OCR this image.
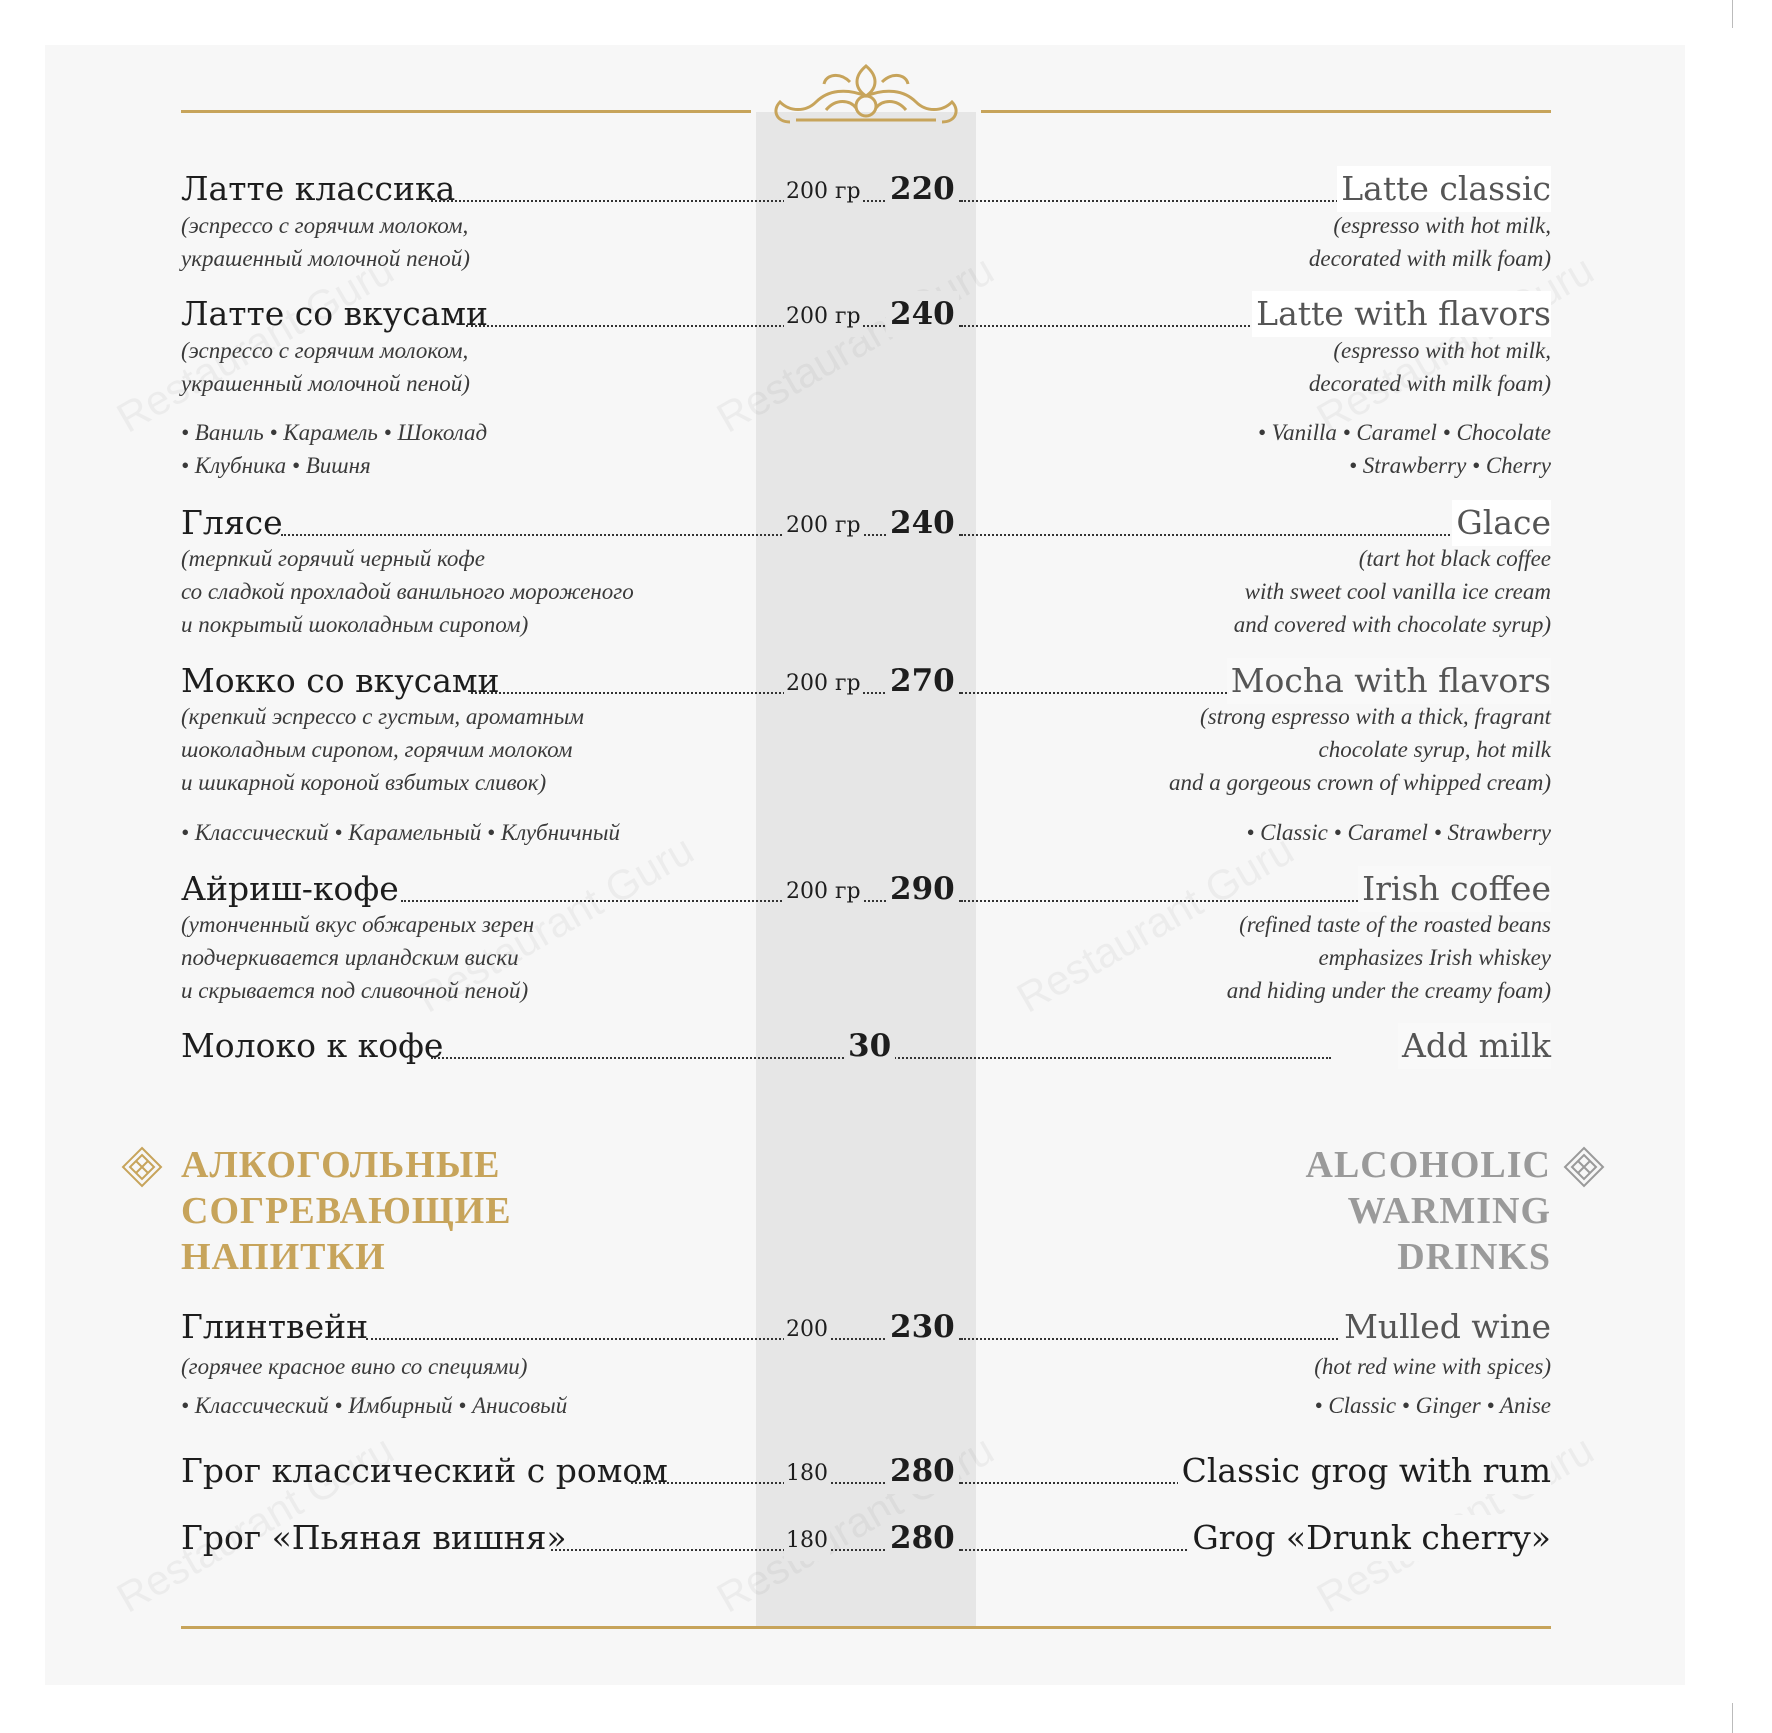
Латте классика	200 гр 220	Latte classic
(эспрессо с горячим молоком,
украшенный молочной пеной)
(espresso with hot milk,
decorated with milk foam)
Латте со вкусами	200 гр 240	Latte with flavors
(эспрессо с горячим молоком,
украшенный молочной пеной)
(espresso with hot milk,
decorated with milk foam)
• Ваниль • Карамель • Шоколад
• Клубника • Вишня
• Vanilla • Caramel • Chocolate
• Strawberry • Cherry
Глясе	200 гр 240	Glace
(терпкий горячий черный кофе
со сладкой прохладой ванильного мороженого
и покрытый шоколадным сиропом)
(tart hot black coffee
with sweet cool vanilla ice cream
and covered with chocolate syrup)
Мокко со вкусами	200 гр 270	Mocha with flavors
(крепкий эспрессо с густым, ароматным
шоколадным сиропом, горячим молоком
и шикарной короной взбитых сливок)
(strong espresso with a thick, fragrant
chocolate syrup, hot milk
and a gorgeous crown of whipped cream)
• Классический • Карамельный • Клубничный	• Classic • Caramel • Strawberry
Айриш-кофе	200 гр 290	Irish coffee
(утонченный вкус обжареных зерен
подчеркивается ирландским виски
и скрывается под сливочной пеной)
(refined taste of the roasted beans
emphasizes Irish whiskey
and hiding under the creamy foam)
Молоко к кофе	30	Add milk
АЛКОГОЛЬНЫЕ
СОГРЕВАЮЩИЕ
НАПИТКИ
ALCOHOLIC
WARMING
DRINKS
Глинтвейн	200 230	Mulled wine
(горячее красное вино со специями)	(hot red wine with spices)
• Классический • Имбирный • Анисовый	• Classic • Ginger • Anise
Грог классический с ромом	180 280	Classic grog with rum
Грог «Пьяная вишня»	180 280	Grog «Drunk cherry»
